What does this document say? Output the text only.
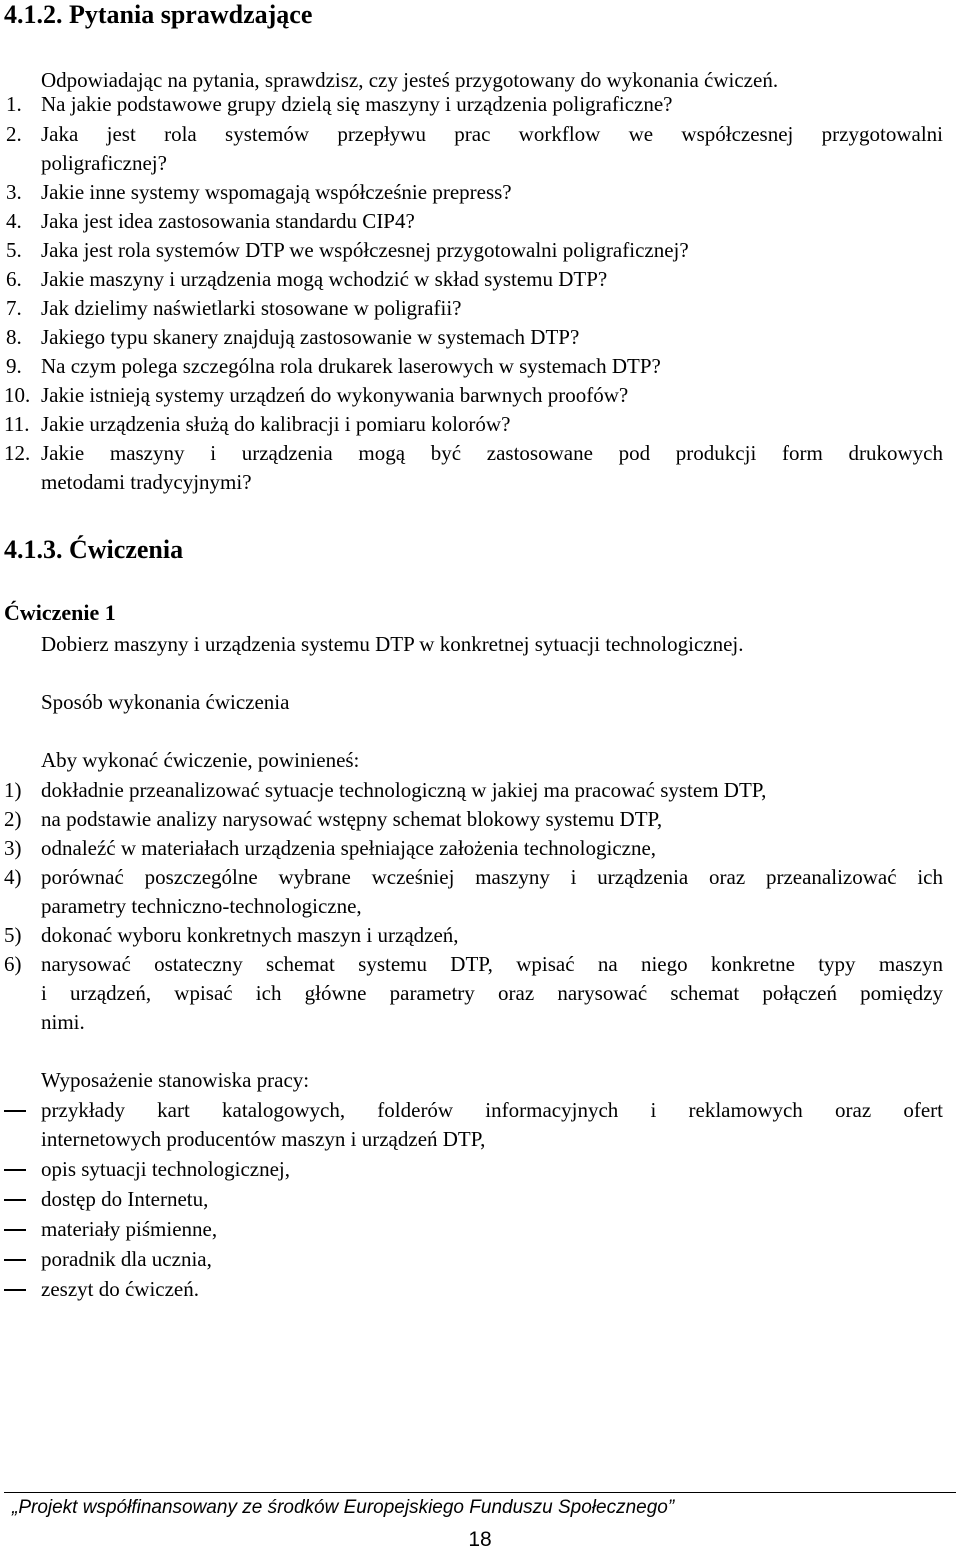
4.1.2. Pytania sprawdzające
Odpowiadając na pytania, sprawdzisz, czy jesteś przygotowany do wykonania ćwiczeń.
1. Na jakie podstawowe grupy dzielą się maszyny i urządzenia poligraficzne?
2. Jaka jest rola systemów przepływu prac workflow we współczesnej przygotowalni
poligraficznej?
3. Jakie inne systemy wspomagają współcześnie prepress?
4. Jaka jest idea zastosowania standardu CIP4?
5. Jaka jest rola systemów DTP we współczesnej przygotowalni poligraficznej?
6. Jakie maszyny i urządzenia mogą wchodzić w skład systemu DTP?
7. Jak dzielimy naświetlarki stosowane w poligrafii?
8. Jakiego typu skanery znajdują zastosowanie w systemach DTP?
9. Na czym polega szczególna rola drukarek laserowych w systemach DTP?
10. Jakie istnieją systemy urządzeń do wykonywania barwnych proofów?
11. Jakie urządzenia służą do kalibracji i pomiaru kolorów?
12. Jakie maszyny i urządzenia mogą być zastosowane pod produkcji form drukowych
metodami tradycyjnymi?
4.1.3. Ćwiczenia
Ćwiczenie 1
Dobierz maszyny i urządzenia systemu DTP w konkretnej sytuacji technologicznej.
Sposób wykonania ćwiczenia
Aby wykonać ćwiczenie, powinieneś:
1) dokładnie przeanalizować sytuacje technologiczną w jakiej ma pracować system DTP,
2) na podstawie analizy narysować wstępny schemat blokowy systemu DTP,
3) odnaleźć w materiałach urządzenia spełniające założenia technologiczne,
4) porównać poszczególne wybrane wcześniej maszyny i urządzenia oraz przeanalizować ich
parametry techniczno-technologiczne,
5) dokonać wyboru konkretnych maszyn i urządzeń,
6) narysować ostateczny schemat systemu DTP, wpisać na niego konkretne typy maszyn
i urządzeń, wpisać ich główne parametry oraz narysować schemat połączeń pomiędzy
nimi.
Wyposażenie stanowiska pracy:
przykłady kart katalogowych, folderów informacyjnych i reklamowych oraz ofert
internetowych producentów maszyn i urządzeń DTP,
opis sytuacji technologicznej,
dostęp do Internetu,
materiały piśmienne,
poradnik dla ucznia,
zeszyt do ćwiczeń.
„Projekt współfinansowany ze środków Europejskiego Funduszu Społecznego”
18
